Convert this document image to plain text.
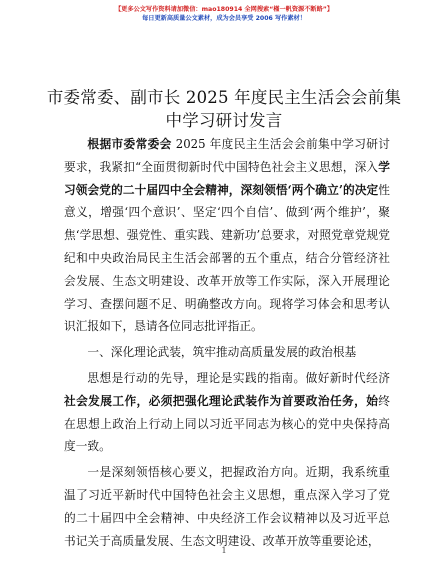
【更多公文写作资料请加微信：mao180914 全网搜索“槿一帆资源不断路”】
每日更新高质量公文素材，成为会员享受 2006 写作素材！
市委常委、副市长 2025 年度民主生活会会前集
中学习研讨发言

根据市委常委会 2025 年度民主生活会会前集中学习研讨要求，我紧扣“全面贯彻新时代中国特色社会主义思想，深入学习领会党的二十届四中全会精神，深刻领悟‘两个确立’的决定性意义，增强‘四个意识’、坚定‘四个自信’、做到‘两个维护’，聚焦‘学思想、强党性、重实践、建新功’总要求，对照党章党规党纪和中央政治局民主生活会部署的五个重点，结合分管经济社会发展、生态文明建设、改革开放等工作实际，深入开展理论学习、查摆问题不足、明确整改方向。现将学习体会和思考认识汇报如下，恳请各位同志批评指正。

一、深化理论武装，筑牢推动高质量发展的政治根基

思想是行动的先导，理论是实践的指南。做好新时代经济社会发展工作，必须把强化理论武装作为首要政治任务，始终在思想上政治上行动上同以习近平同志为核心的党中央保持高度一致。

一是深刻领悟核心要义，把握政治方向。近期，我系统重温了习近平新时代中国特色社会主义思想，重点深入学习了党的二十届四中全会精神、中央经济工作会议精神以及习近平总书记关于高质量发展、生态文明建设、改革开放等重要论述，

1
